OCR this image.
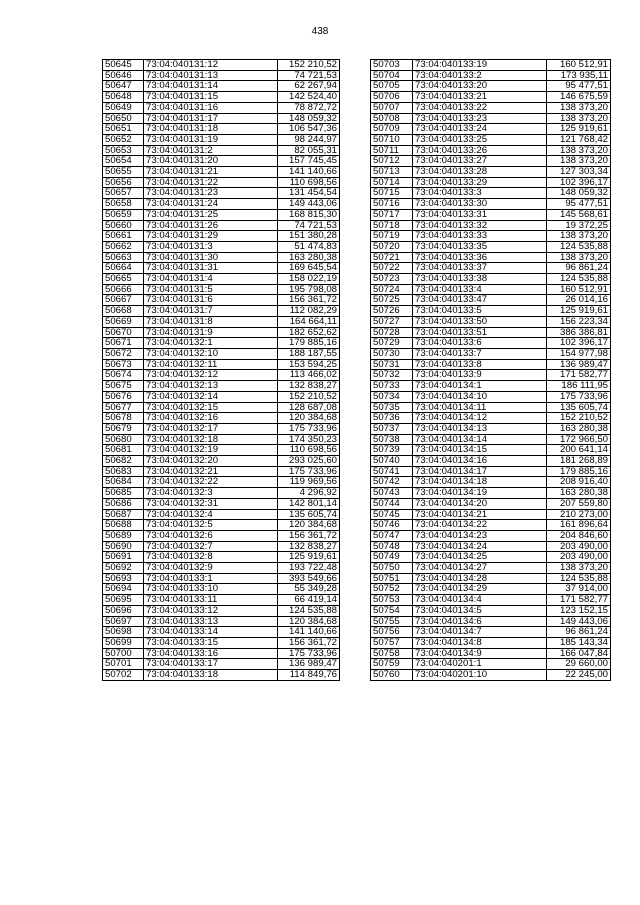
438
50645	73:04:040131:12	152 210,52
50646	73:04:040131:13	74 721,53
50647	73:04:040131:14	62 267,94
50648	73:04:040131:15	142 524,40
50649	73:04:040131:16	78 872,72
50650	73:04:040131:17	148 059,32
50651	73:04:040131:18	106 547,36
50652	73:04:040131:19	98 244,97
50653	73:04:040131:2	82 055,31
50654	73:04:040131:20	157 745,45
50655	73:04:040131:21	141 140,66
50656	73:04:040131:22	110 698,56
50657	73:04:040131:23	131 454,54
50658	73:04:040131:24	149 443,06
50659	73:04:040131:25	168 815,30
50660	73:04:040131:26	74 721,53
50661	73:04:040131:29	151 380,28
50662	73:04:040131:3	51 474,83
50663	73:04:040131:30	163 280,38
50664	73:04:040131:31	169 645,54
50665	73:04:040131:4	158 022,19
50666	73:04:040131:5	195 798,08
50667	73:04:040131:6	156 361,72
50668	73:04:040131:7	112 082,29
50669	73:04:040131:8	164 664,11
50670	73:04:040131:9	182 652,62
50671	73:04:040132:1	179 885,16
50672	73:04:040132:10	188 187,55
50673	73:04:040132:11	153 594,25
50674	73:04:040132:12	113 466,02
50675	73:04:040132:13	132 838,27
50676	73:04:040132:14	152 210,52
50677	73:04:040132:15	128 687,08
50678	73:04:040132:16	120 384,68
50679	73:04:040132:17	175 733,96
50680	73:04:040132:18	174 350,23
50681	73:04:040132:19	110 698,56
50682	73:04:040132:20	293 025,60
50683	73:04:040132:21	175 733,96
50684	73:04:040132:22	119 969,56
50685	73:04:040132:3	4 296,92
50686	73:04:040132:31	142 801,14
50687	73:04:040132:4	135 605,74
50688	73:04:040132:5	120 384,68
50689	73:04:040132:6	156 361,72
50690	73:04:040132:7	132 838,27
50691	73:04:040132:8	125 919,61
50692	73:04:040132:9	193 722,48
50693	73:04:040133:1	393 549,66
50694	73:04:040133:10	55 349,28
50695	73:04:040133:11	66 419,14
50696	73:04:040133:12	124 535,88
50697	73:04:040133:13	120 384,68
50698	73:04:040133:14	141 140,66
50699	73:04:040133:15	156 361,72
50700	73:04:040133:16	175 733,96
50701	73:04:040133:17	136 989,47
50702	73:04:040133:18	114 849,76
50703	73:04:040133:19	160 512,91
50704	73:04:040133:2	173 935,11
50705	73:04:040133:20	95 477,51
50706	73:04:040133:21	146 675,59
50707	73:04:040133:22	138 373,20
50708	73:04:040133:23	138 373,20
50709	73:04:040133:24	125 919,61
50710	73:04:040133:25	121 768,42
50711	73:04:040133:26	138 373,20
50712	73:04:040133:27	138 373,20
50713	73:04:040133:28	127 303,34
50714	73:04:040133:29	102 396,17
50715	73:04:040133:3	148 059,32
50716	73:04:040133:30	95 477,51
50717	73:04:040133:31	145 568,61
50718	73:04:040133:32	19 372,25
50719	73:04:040133:33	138 373,20
50720	73:04:040133:35	124 535,88
50721	73:04:040133:36	138 373,20
50722	73:04:040133:37	96 861,24
50723	73:04:040133:38	124 535,88
50724	73:04:040133:4	160 512,91
50725	73:04:040133:47	26 014,16
50726	73:04:040133:5	125 919,61
50727	73:04:040133:50	156 223,34
50728	73:04:040133:51	386 386,81
50729	73:04:040133:6	102 396,17
50730	73:04:040133:7	154 977,98
50731	73:04:040133:8	136 989,47
50732	73:04:040133:9	171 582,77
50733	73:04:040134:1	186 111,95
50734	73:04:040134:10	175 733,96
50735	73:04:040134:11	135 605,74
50736	73:04:040134:12	152 210,52
50737	73:04:040134:13	163 280,38
50738	73:04:040134:14	172 966,50
50739	73:04:040134:15	200 641,14
50740	73:04:040134:16	181 268,89
50741	73:04:040134:17	179 885,16
50742	73:04:040134:18	208 916,40
50743	73:04:040134:19	163 280,38
50744	73:04:040134:20	207 559,80
50745	73:04:040134:21	210 273,00
50746	73:04:040134:22	161 896,64
50747	73:04:040134:23	204 846,60
50748	73:04:040134:24	203 490,00
50749	73:04:040134:25	203 490,00
50750	73:04:040134:27	138 373,20
50751	73:04:040134:28	124 535,88
50752	73:04:040134:29	37 914,00
50753	73:04:040134:4	171 582,77
50754	73:04:040134:5	123 152,15
50755	73:04:040134:6	149 443,06
50756	73:04:040134:7	96 861,24
50757	73:04:040134:8	185 143,34
50758	73:04:040134:9	166 047,84
50759	73:04:040201:1	29 660,00
50760	73:04:040201:10	22 245,00
